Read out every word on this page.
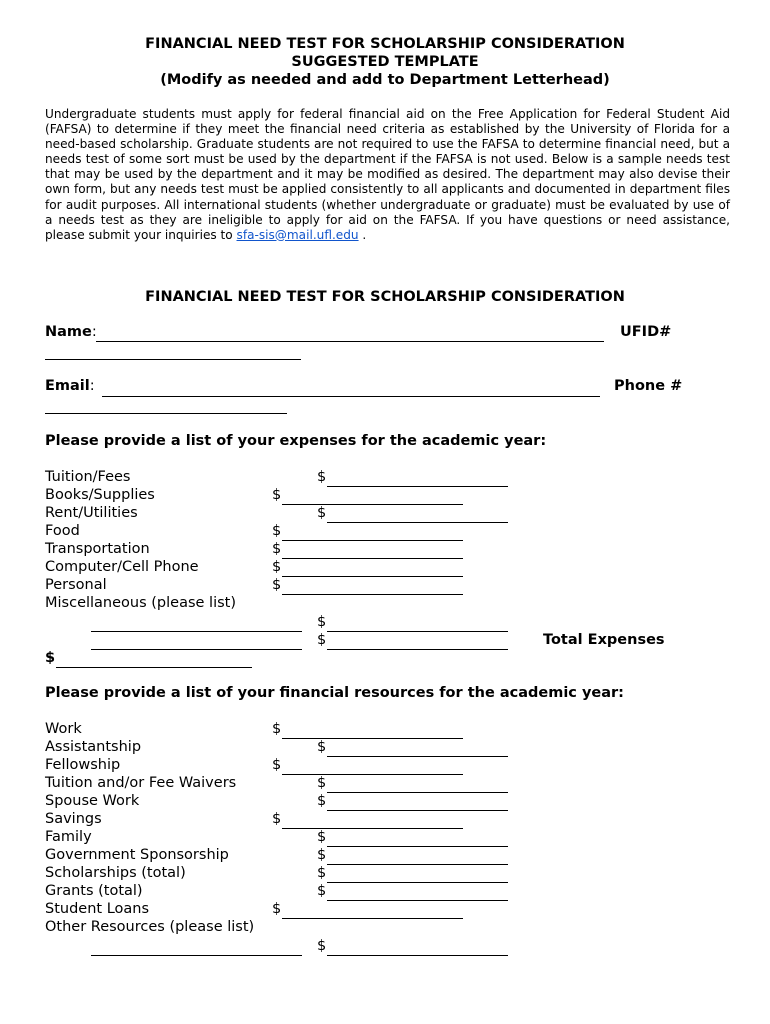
FINANCIAL NEED TEST FOR SCHOLARSHIP CONSIDERATION
SUGGESTED TEMPLATE
(Modify as needed and add to Department Letterhead)
Undergraduate students must apply for federal financial aid on the Free Application for Federal Student Aid (FAFSA) to determine if they meet the financial need criteria as established by the University of Florida for a need-based scholarship. Graduate students are not required to use the FAFSA to determine financial need, but a needs test of some sort must be used by the department if the FAFSA is not used. Below is a sample needs test that may be used by the department and it may be modified as desired. The department may also devise their own form, but any needs test must be applied consistently to all applicants and documented in department files for audit purposes. All international students (whether undergraduate or graduate) must be evaluated by use of a needs test as they are ineligible to apply for aid on the FAFSA. If you have questions or need assistance, please submit your inquiries to sfa-sis@mail.ufl.edu .
FINANCIAL NEED TEST FOR SCHOLARSHIP CONSIDERATION
Name:	UFID#
Email:	Phone #
Please provide a list of your expenses for the academic year:
Tuition/Fees	$
Books/Supplies	$
Rent/Utilities	$
Food	$
Transportation	$
Computer/Cell Phone	$
Personal	$
Miscellaneous (please list)
$
$	Total Expenses
$
Please provide a list of your financial resources for the academic year:
Work	$
Assistantship	$
Fellowship	$
Tuition and/or Fee Waivers	$
Spouse Work	$
Savings	$
Family	$
Government Sponsorship	$
Scholarships (total)	$
Grants (total)	$
Student Loans	$
Other Resources (please list)
$
